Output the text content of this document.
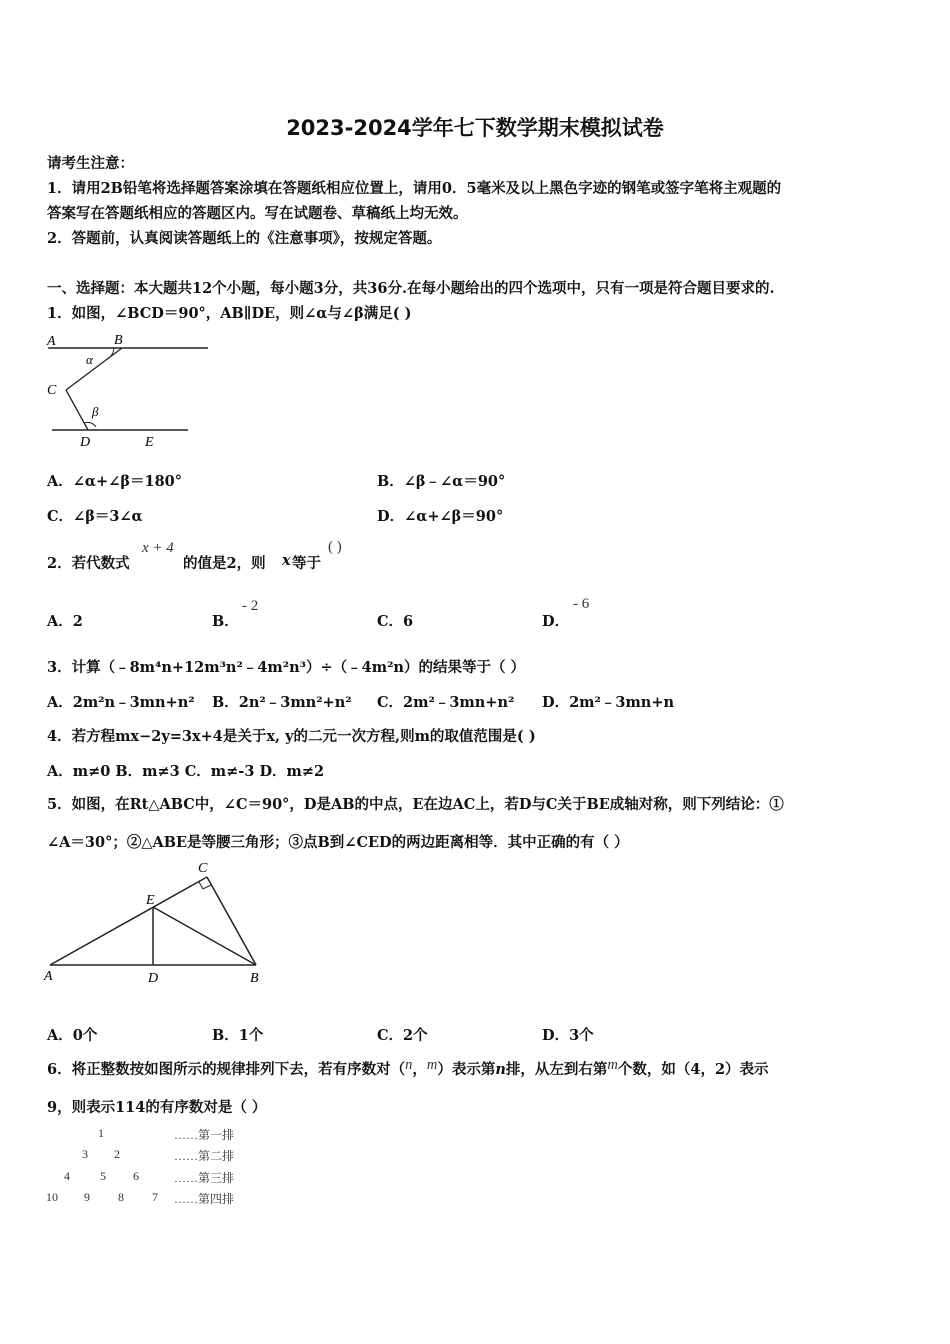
2023-2024学年七下数学期末模拟试卷
请考生注意：
1．请用2B铅笔将选择题答案涂填在答题纸相应位置上，请用0．5毫米及以上黑色字迹的钢笔或签字笔将主观题的
答案写在答题纸相应的答题区内。写在试题卷、草稿纸上均无效。
2．答题前，认真阅读答题纸上的《注意事项》，按规定答题。
一、选择题：本大题共12个小题，每小题3分，共36分.在每小题给出的四个选项中，只有一项是符合题目要求的.
1．如图，∠BCD＝90°，AB∥DE，则∠α与∠β满足( )
A	B
α
C
β
D	E
A．∠α+∠β＝180°	B．∠β﹣∠α＝90°
C．∠β＝3∠α	D．∠α+∠β＝90°
2．若代数式
x + 4
的值是2，则 x 等于
( )
A．2	B．
- 2
C．6	D．
- 6
3．计算（﹣8m⁴n+12m³n²﹣4m²n³）÷（﹣4m²n）的结果等于（ ）
A．2m²n﹣3mn+n² B．2n²﹣3mn²+n² C．2m²﹣3mn+n² D．2m²﹣3mn+n
4．若方程mx−2y=3x+4是关于x, y的二元一次方程,则m的取值范围是( )
A．m≠0 B．m≠3 C．m≠-3 D．m≠2
5．如图，在Rt△ABC中，∠C＝90°，D是AB的中点，E在边AC上，若D与C关于BE成轴对称，则下列结论：①
∠A＝30°；②△ABE是等腰三角形；③点B到∠CED的两边距离相等．其中正确的有（ ）
A	D	B
E
C
A．0个	B．1个	C．2个	D．3个
6．将正整数按如图所示的规律排列下去，若有序数对（n，m）表示第n排，从左到右第m个数，如（4，2）表示
9，则表示114的有序数对是（ ）
1	……第一排
3 2	……第二排
4	5 6	……第三排
10 9 8 7 ……第四排
